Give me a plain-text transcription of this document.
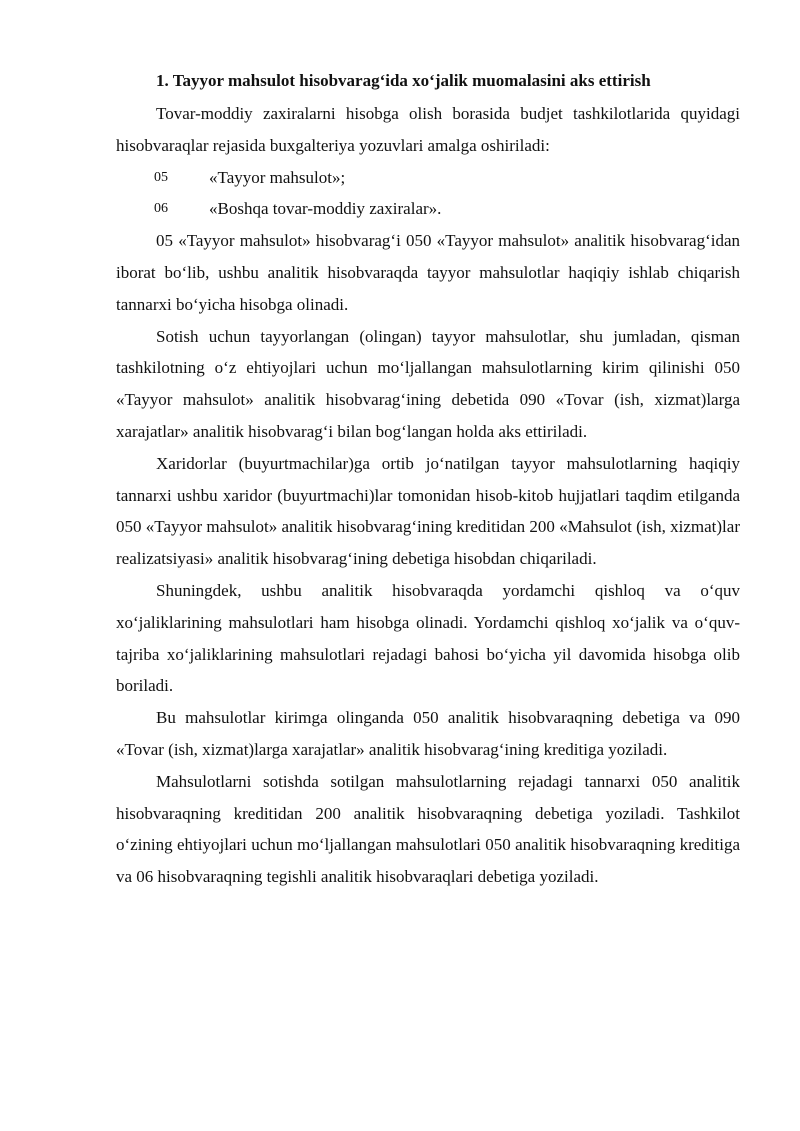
1. Tayyor mahsulot hisobvarag‘ida xo‘jalik muomalasini aks ettirish

Tovar-moddiy zaxiralarni hisobga olish borasida budjet tashkilotlarida quyidagi hisobvaraqlar rejasida buxgalteriya yozuvlari amalga oshiriladi:

05	«Tayyor mahsulot»;
06	«Boshqa tovar-moddiy zaxiralar».

05 «Tayyor mahsulot» hisobvarag‘i 050 «Tayyor mahsulot» analitik hisobvarag‘idan iborat bo‘lib, ushbu analitik hisobvaraqda tayyor mahsulotlar haqiqiy ishlab chiqarish tannarxi bo‘yicha hisobga olinadi.

Sotish uchun tayyorlangan (olingan) tayyor mahsulotlar, shu jumladan, qisman tashkilotning o‘z ehtiyojlari uchun mo‘ljallangan mahsulotlarning kirim qilinishi 050 «Tayyor mahsulot» analitik hisobvarag‘ining debetida 090 «Tovar (ish, xizmat)larga xarajatlar» analitik hisobvarag‘i bilan bog‘langan holda aks ettiriladi.

Xaridorlar (buyurtmachilar)ga ortib jo‘natilgan tayyor mahsulotlarning haqiqiy tannarxi ushbu xaridor (buyurtmachi)lar tomonidan hisob-kitob hujjatlari taqdim etilganda 050 «Tayyor mahsulot» analitik hisobvarag‘ining kreditidan 200 «Mahsulot (ish, xizmat)lar realizatsiyasi» analitik hisobvarag‘ining debetiga hisobdan chiqariladi.

Shuningdek, ushbu analitik hisobvaraqda yordamchi qishloq va o‘quv xo‘jaliklarining mahsulotlari ham hisobga olinadi. Yordamchi qishloq xo‘jalik va o‘quv-tajriba xo‘jaliklarining mahsulotlari rejadagi bahosi bo‘yicha yil davomida hisobga olib boriladi.

Bu mahsulotlar kirimga olinganda 050 analitik hisobvaraqning debetiga va 090 «Tovar (ish, xizmat)larga xarajatlar» analitik hisobvarag‘ining kreditiga yoziladi.

Mahsulotlarni sotishda sotilgan mahsulotlarning rejadagi tannarxi 050 analitik hisobvaraqning kreditidan 200 analitik hisobvaraqning debetiga yoziladi. Tashkilot o‘zining ehtiyojlari uchun mo‘ljallangan mahsulotlari 050 analitik hisobvaraqning kreditiga va 06 hisobvaraqning tegishli analitik hisobvaraqlari debetiga yoziladi.
